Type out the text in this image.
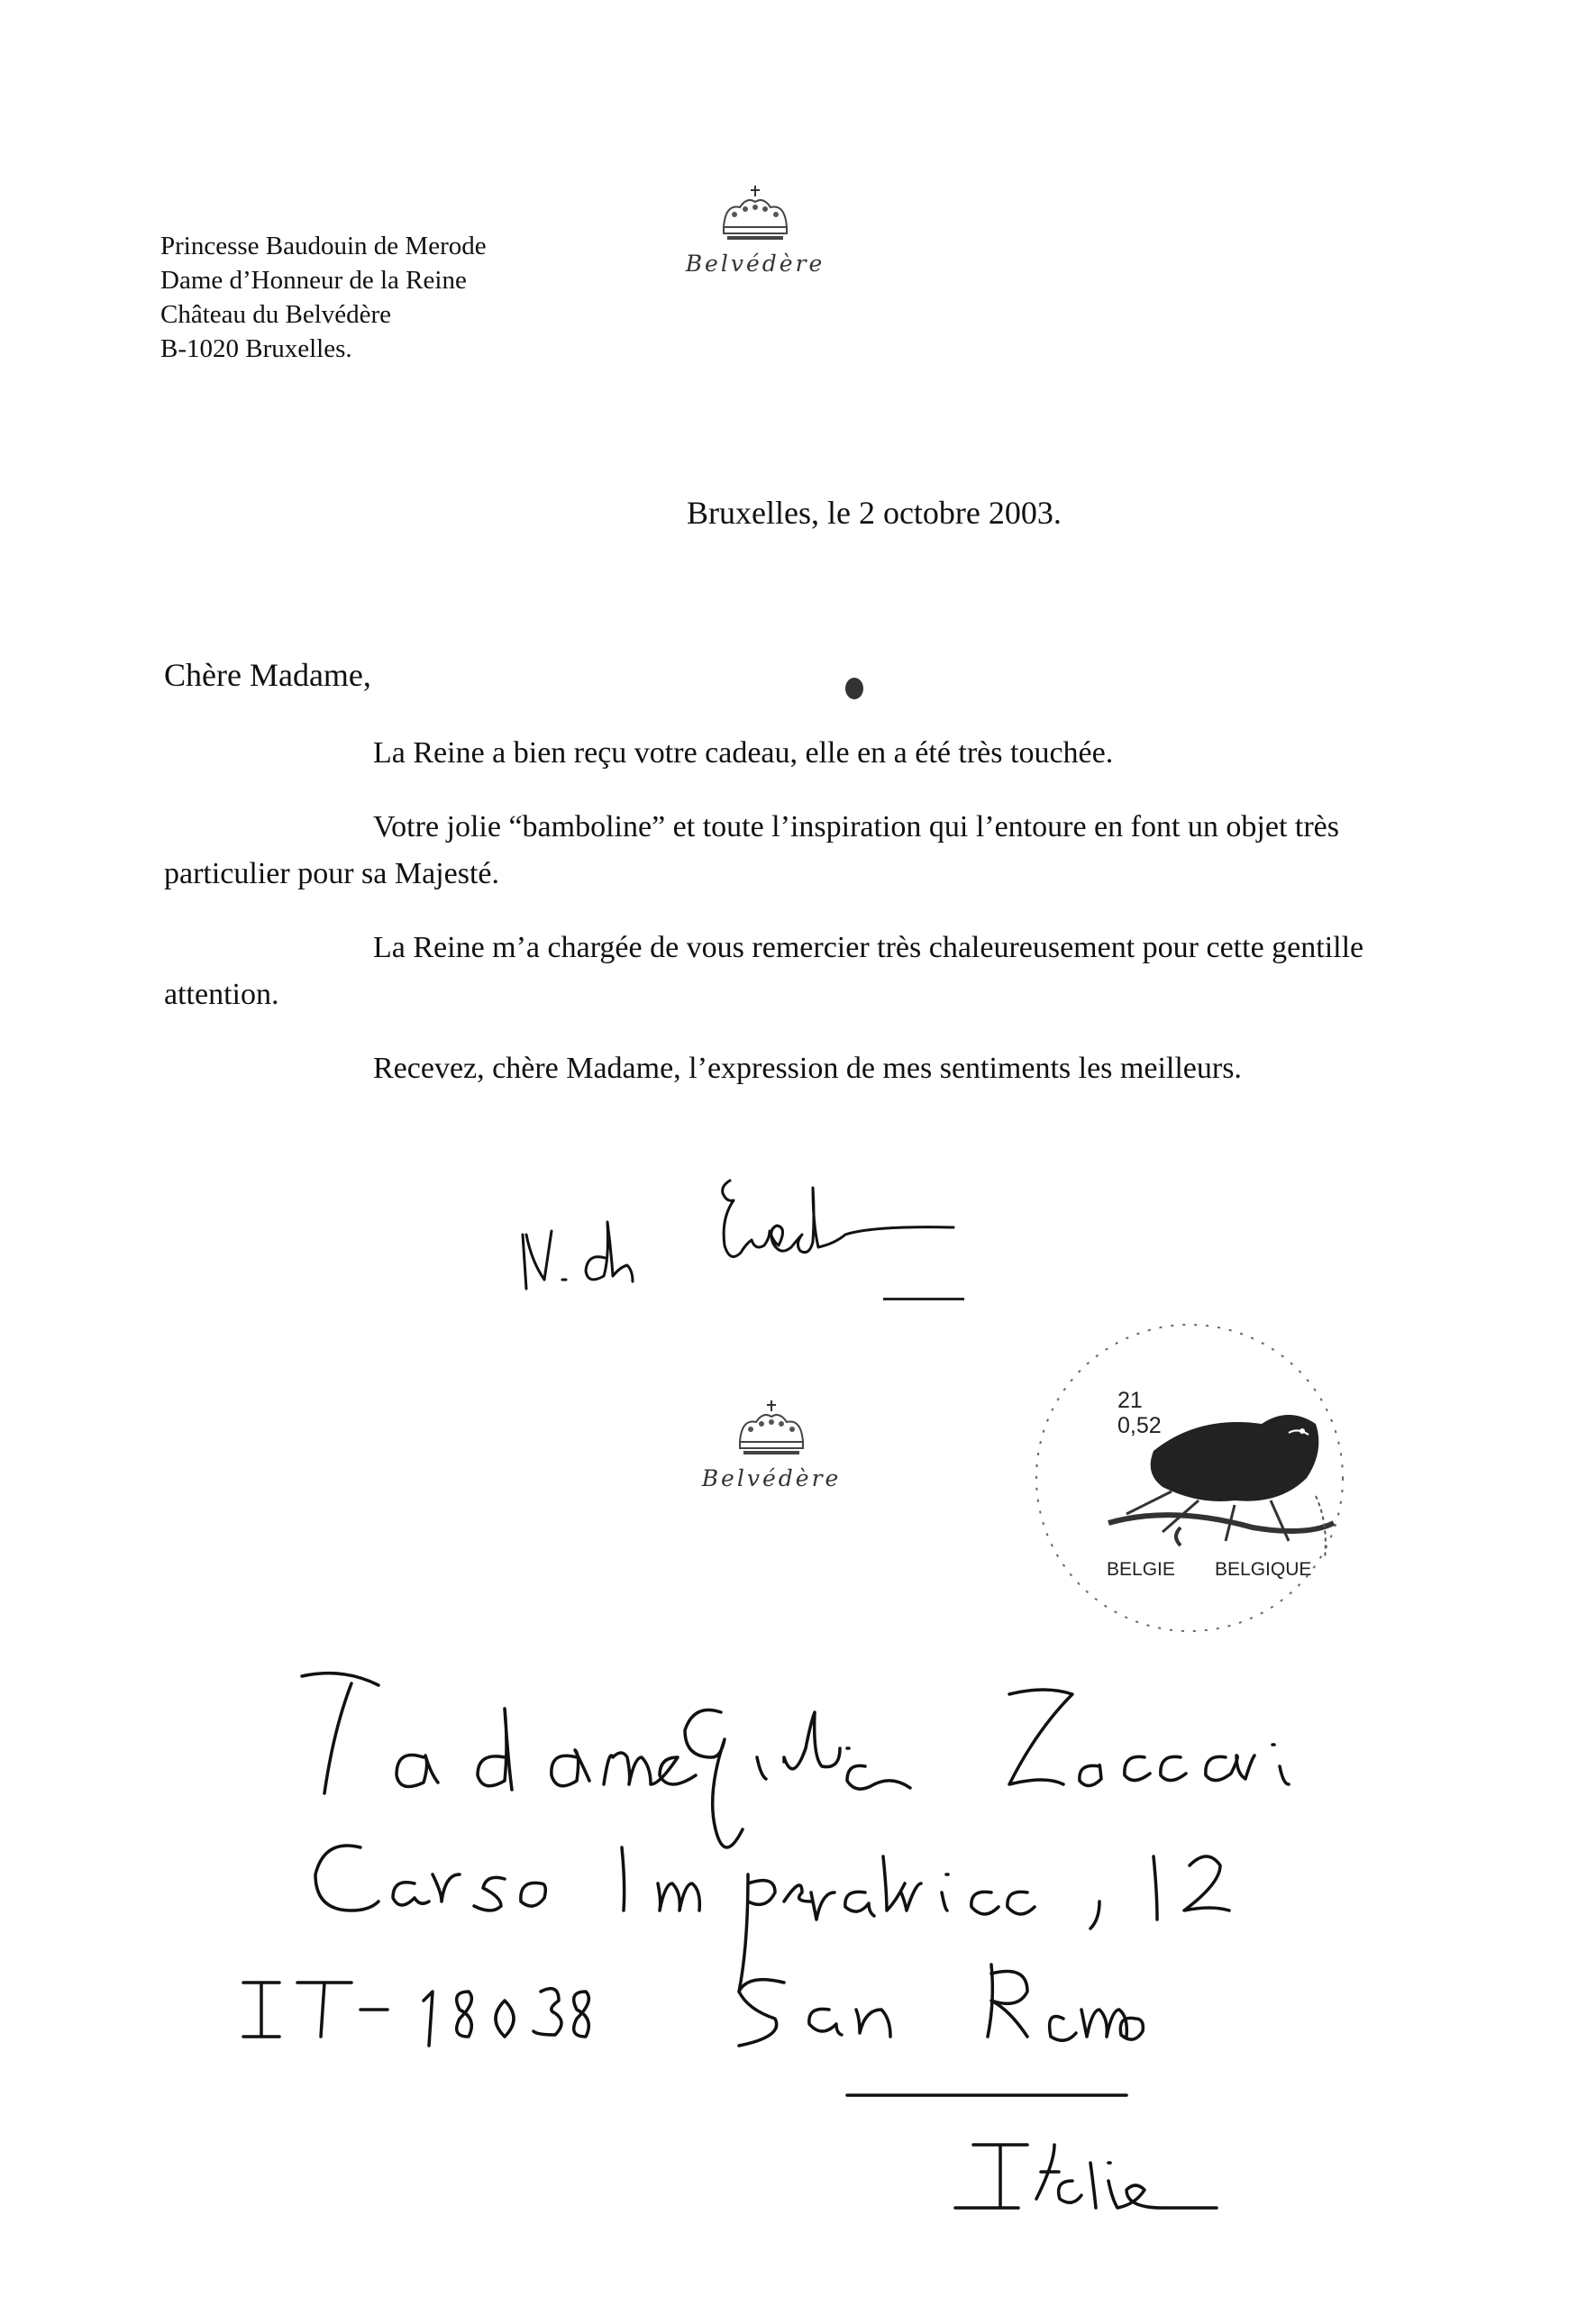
Princesse Baudouin de Merode
Dame d’Honneur de la Reine
Château du Belvédère
B-1020 Bruxelles.
Belvédère
Bruxelles, le 2 octobre 2003.
Chère Madame,

La Reine a bien reçu votre cadeau, elle en a été très touchée.

Votre jolie “bamboline” et toute l’inspiration qui l’entoure en font un objet très particulier pour sa Majesté.

La Reine m’a chargée de vous remercier très chaleureusement pour cette gentille attention.

Recevez, chère Madame, l’expression de mes sentiments les meilleurs.

Belvédère
21
0,52
BELGIE BELGIQUE
